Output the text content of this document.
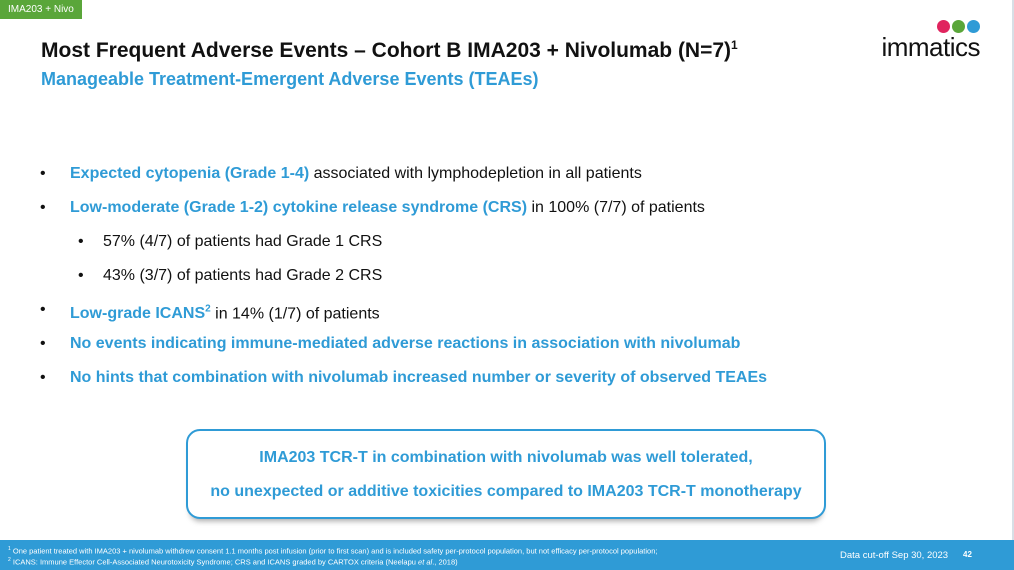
IMA203 + Nivo
immatics
Most Frequent Adverse Events – Cohort B IMA203 + Nivolumab (N=7)$^1$
Manageable Treatment-Emergent Adverse Events (TEAEs)
• Expected cytopenia (Grade 1-4) associated with lymphodepletion in all patients
• Low-moderate (Grade 1-2) cytokine release syndrome (CRS) in 100% (7/7) of patients
• 57% (4/7) of patients had Grade 1 CRS
• 43% (3/7) of patients had Grade 2 CRS
• Low-grade ICANS$^2$ in 14% (1/7) of patients
• No events indicating immune-mediated adverse reactions in association with nivolumab
• No hints that combination with nivolumab increased number or severity of observed TEAEs
IMA203 TCR-T in combination with nivolumab was well tolerated,
no unexpected or additive toxicities compared to IMA203 TCR-T monotherapy
$^1$ One patient treated with IMA203 + nivolumab withdrew consent 1.1 months post infusion (prior to first scan) and is included safety per-protocol population, but not efficacy per-protocol population;
$^2$ ICANS: Immune Effector Cell-Associated Neurotoxicity Syndrome; CRS and ICANS graded by CARTOX criteria (Neelapu et al., 2018)
Data cut-off Sep 30, 2023 42
